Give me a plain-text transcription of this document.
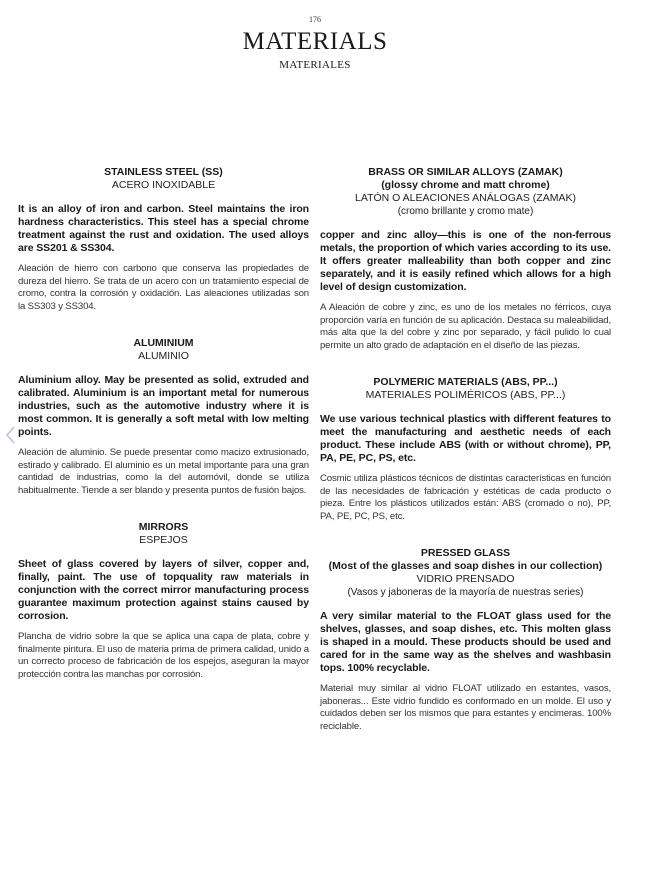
176
MATERIALS
MATERIALES
STAINLESS STEEL (SS)
ACERO INOXIDABLE
It is an alloy of iron and carbon. Steel maintains the iron hardness characteristics. This steel has a special chrome treatment against the rust and oxidation. The used alloys are SS201 & SS304.
Aleación de hierro con carbono que conserva las propiedades de dureza del hierro. Se trata de un acero con un tratamiento especial de cromo, contra la corrosión y oxidación. Las aleaciones utilizadas son la SS303 y SS304.
ALUMINIUM
ALUMINIO
Aluminium alloy. May be presented as solid, extruded and calibrated. Aluminium is an important metal for numerous industries, such as the automotive industry where it is most common. It is generally a soft metal with low melting points.
Aleación de aluminio. Se puede presentar como macizo extrusionado, estirado y calibrado. El aluminio es un metal importante para una gran cantidad de industrias, como la del automóvil, donde se utiliza habitualmente. Tiende a ser blando y presenta puntos de fusión bajos.
MIRRORS
ESPEJOS
Sheet of glass covered by layers of silver, copper and, finally, paint. The use of topquality raw materials in conjunction with the correct mirror manufacturing process guarantee maximum protection against stains caused by corrosion.
Plancha de vidrio sobre la que se aplica una capa de plata, cobre y finalmente pintura. El uso de materia prima de primera calidad, unido a un correcto proceso de fabricación de los espejos, aseguran la mayor protección contra las manchas por corrosión.
BRASS OR SIMILAR ALLOYS (ZAMAK)
(glossy chrome and matt chrome)
LATÓN O ALEACIONES ANÁLOGAS (ZAMAK)
(cromo brillante y cromo mate)
copper and zinc alloy—this is one of the non-ferrous metals, the proportion of which varies according to its use. It offers greater malleability than both copper and zinc separately, and it is easily refined which allows for a high level of design customization.
A Aleación de cobre y zinc, es uno de los metales no férricos, cuya proporción varía en función de su aplicación. Destaca su maleabilidad, más alta que la del cobre y zinc por separado, y fácil pulido lo cual permite un alto grado de adaptación en el diseño de las piezas.
POLYMERIC MATERIALS (ABS, PP...)
MATERIALES POLIMÉRICOS (ABS, PP...)
We use various technical plastics with different features to meet the manufacturing and aesthetic needs of each product. These include ABS (with or without chrome), PP, PA, PE, PC, PS, etc.
Cosmic utiliza plásticos técnicos de distintas características en función de las necesidades de fabricación y estéticas de cada producto o pieza. Entre los plásticos utilizados están: ABS (cromado o no), PP, PA, PE, PC, PS, etc.
PRESSED GLASS
(Most of the glasses and soap dishes in our collection)
VIDRIO PRENSADO
(Vasos y jaboneras de la mayoría de nuestras series)
A very similar material to the FLOAT glass used for the shelves, glasses, and soap dishes, etc. This molten glass is shaped in a mould. These products should be used and cared for in the same way as the shelves and washbasin tops. 100% recyclable.
Material muy similar al vidrio FLOAT utilizado en estantes, vasos, jaboneras... Este vidrio fundido es conformado en un molde. El uso y cuidados deben ser los mismos que para estantes y encimeras. 100% reciclable.
